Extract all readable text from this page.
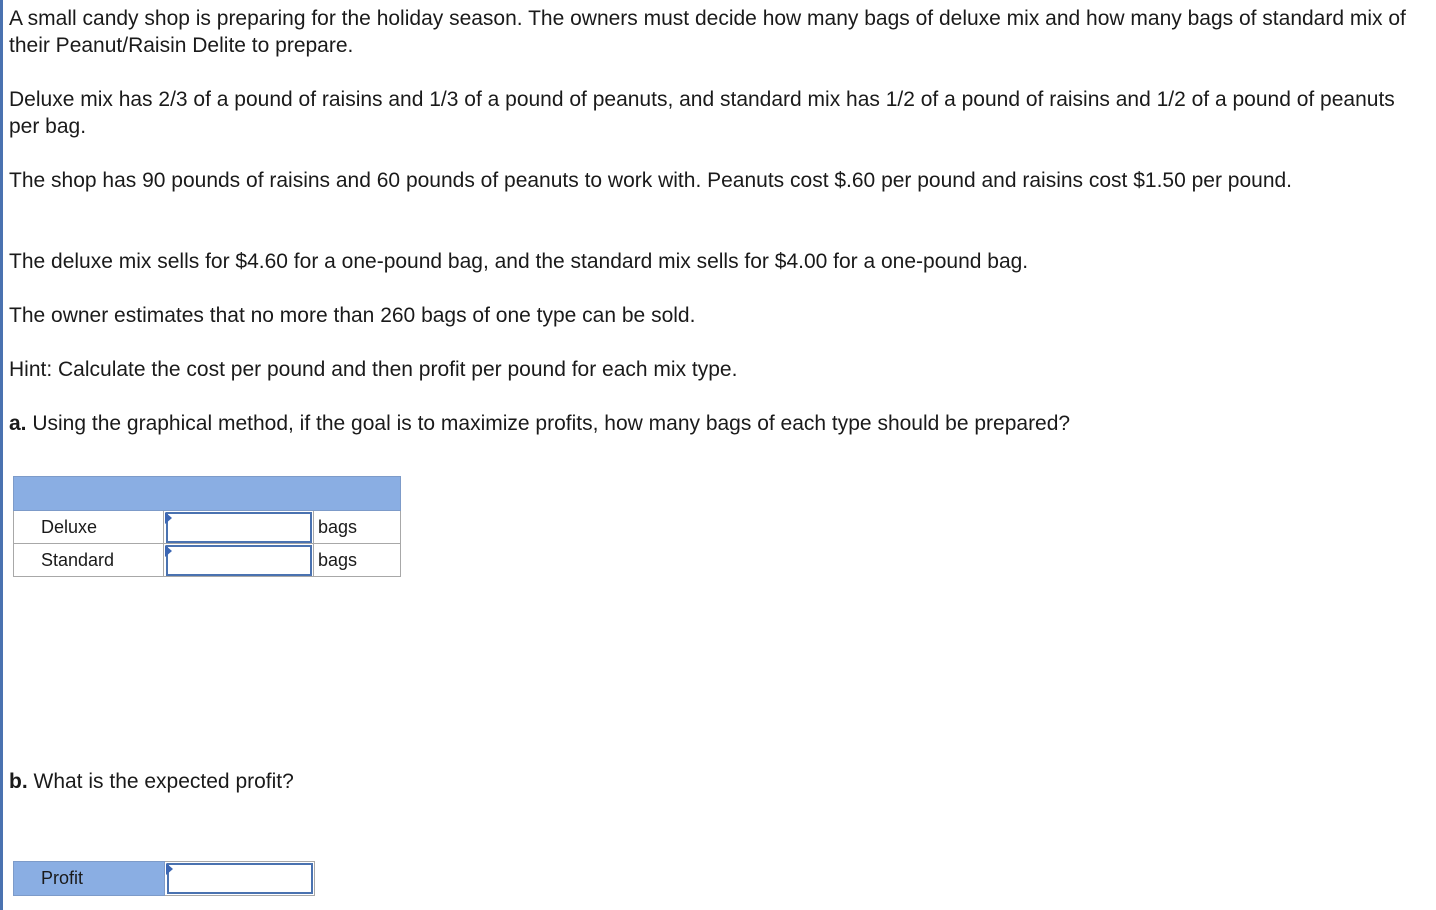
A small candy shop is preparing for the holiday season. The owners must decide how many bags of deluxe mix and how many bags of standard mix of their Peanut/Raisin Delite to prepare.

Deluxe mix has 2/3 of a pound of raisins and 1/3 of a pound of peanuts, and standard mix has 1/2 of a pound of raisins and 1/2 of a pound of peanuts per bag.

The shop has 90 pounds of raisins and 60 pounds of peanuts to work with. Peanuts cost $.60 per pound and raisins cost $1.50 per pound.

The deluxe mix sells for $4.60 for a one-pound bag, and the standard mix sells for $4.00 for a one-pound bag.

The owner estimates that no more than 260 bags of one type can be sold.

Hint: Calculate the cost per pound and then profit per pound for each mix type.

a. Using the graphical method, if the goal is to maximize profits, how many bags of each type should be prepared?

Deluxe		bags
Standard		bags

b. What is the expected profit?

Profit	
